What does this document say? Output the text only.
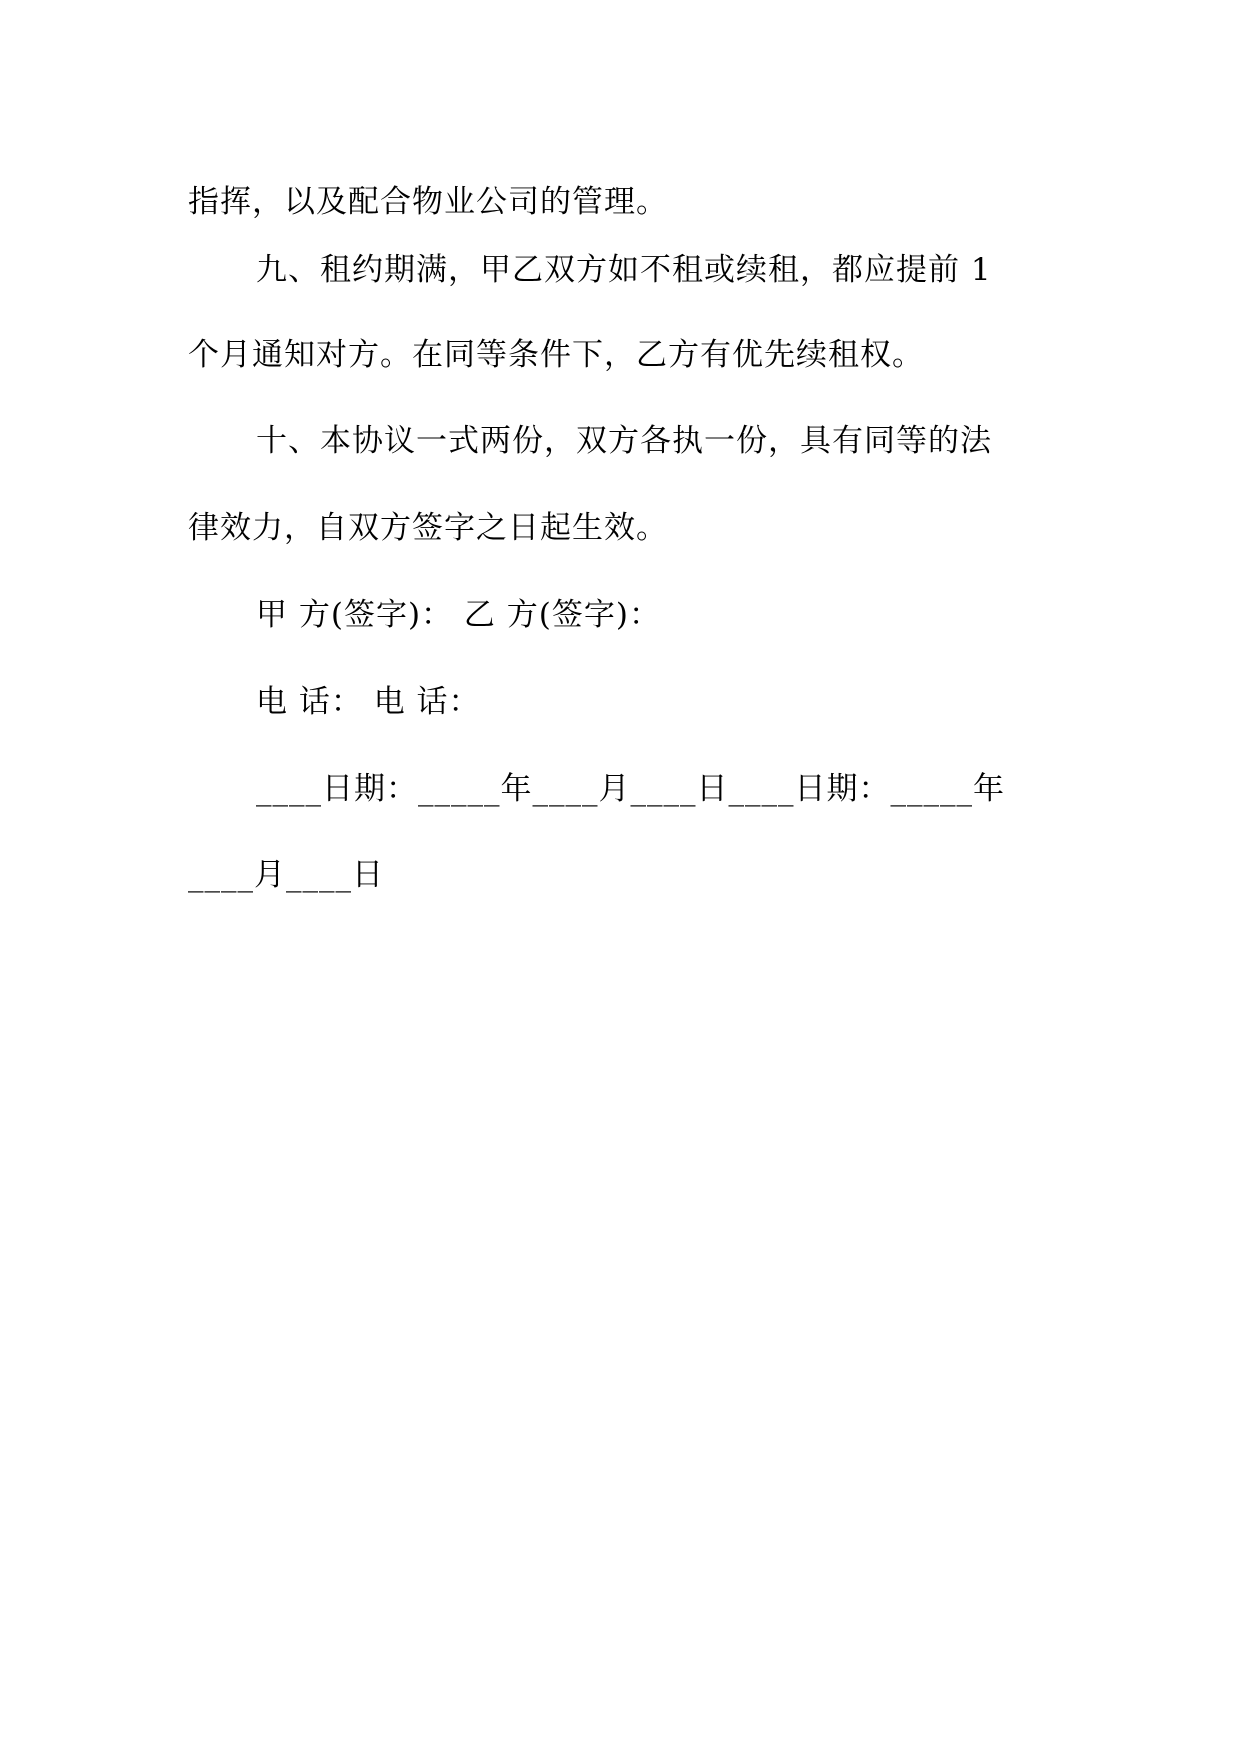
指挥，以及配合物业公司的管理。
九、租约期满，甲乙双方如不租或续租，都应提前 1
个月通知对方。在同等条件下，乙方有优先续租权。
十、本协议一式两份，双方各执一份，具有同等的法
律效力，自双方签字之日起生效。
甲 方(签字)： 乙 方(签字)：
电 话： 电 话：
____日期：_____年____月____日____日期：_____年
____月____日
